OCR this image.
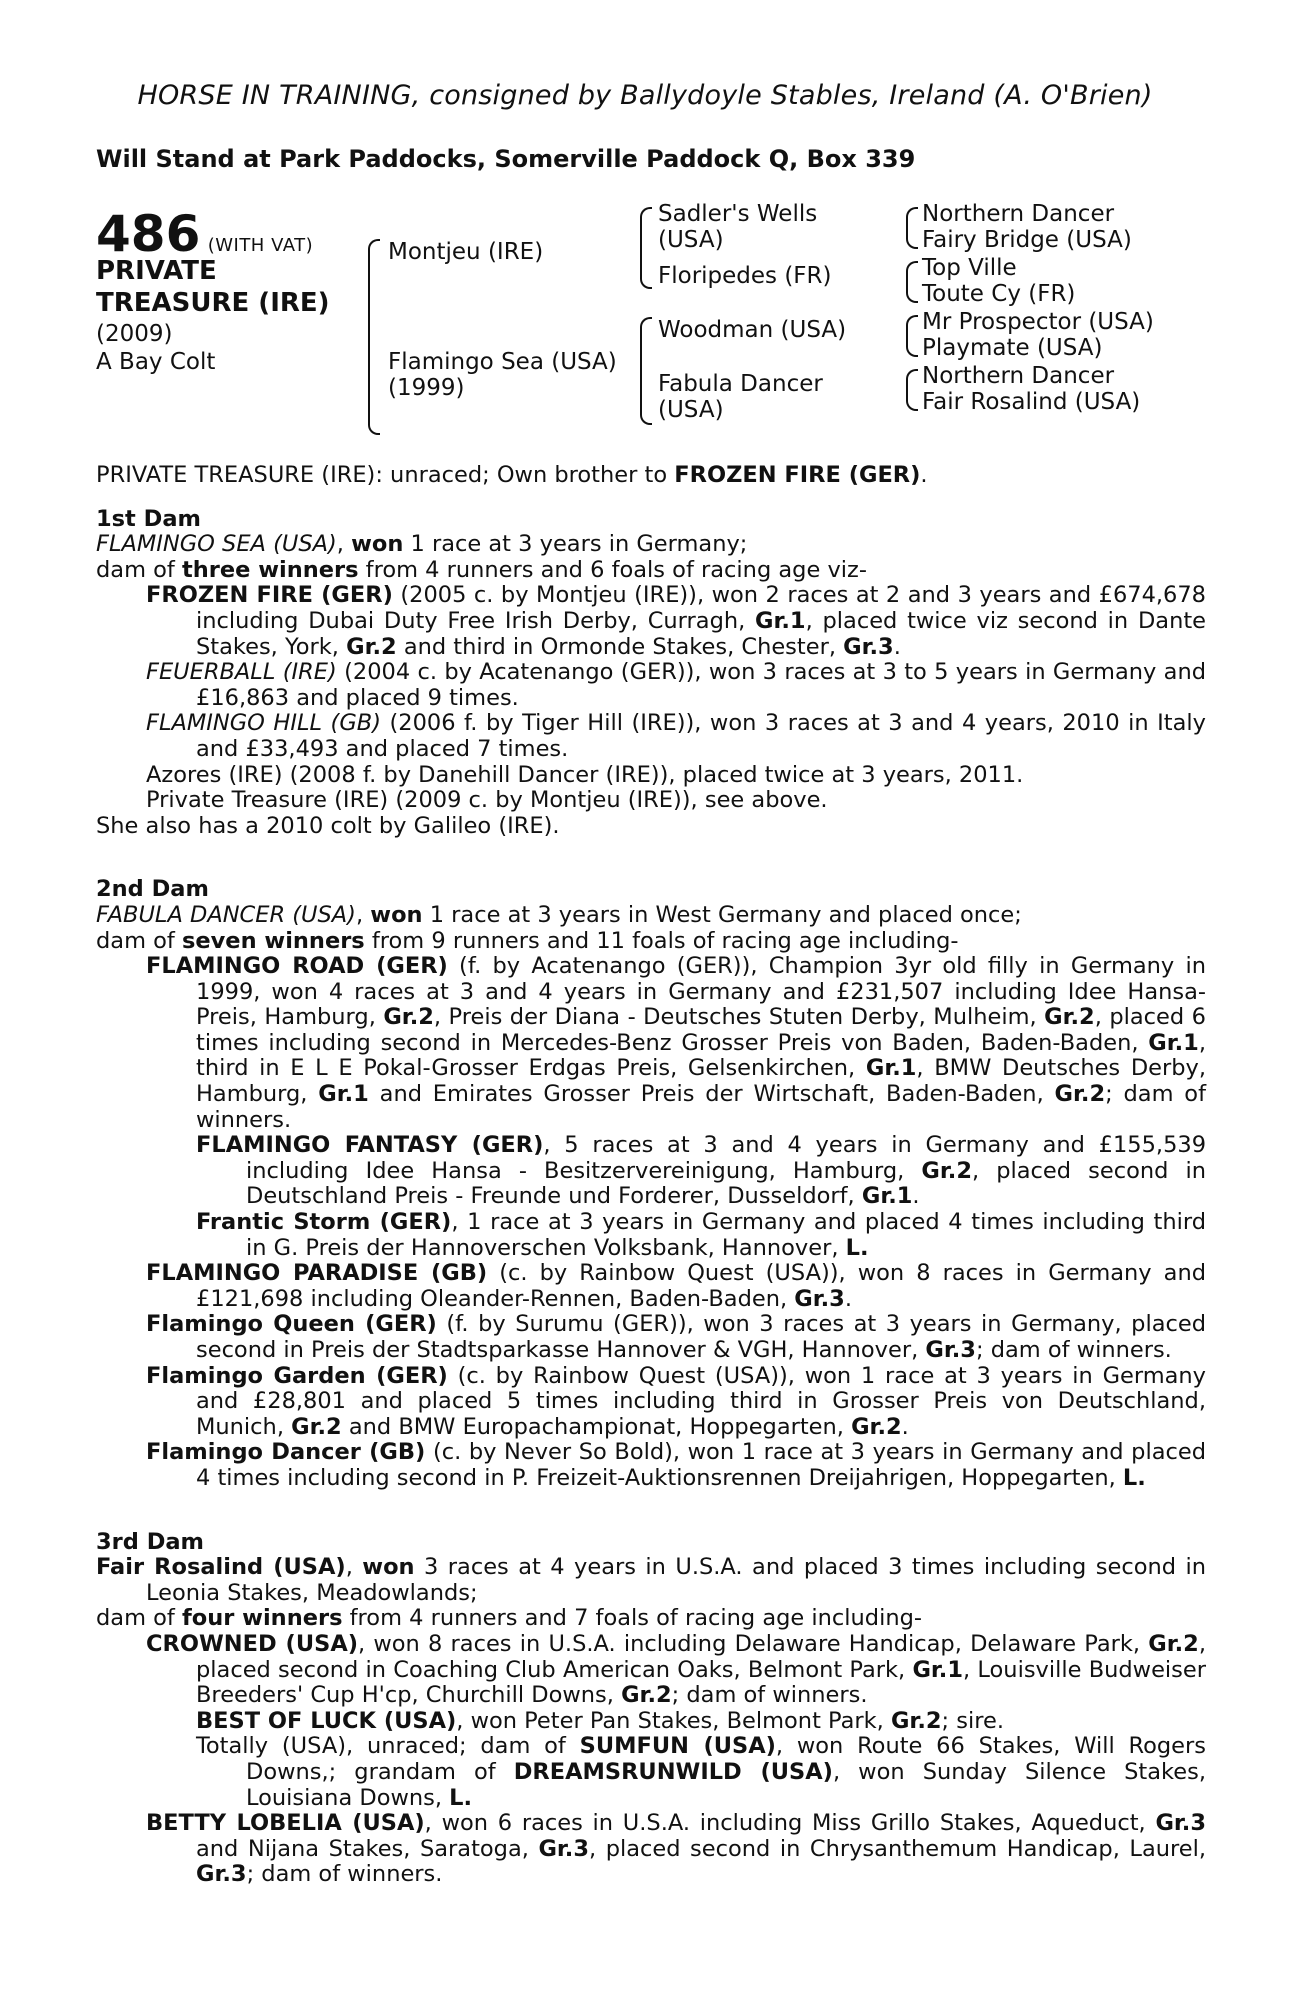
HORSE IN TRAINING, consigned by Ballydoyle Stables, Ireland (A. O'Brien)
Will Stand at Park Paddocks, Somerville Paddock Q, Box 339
486 (WITH VAT)
PRIVATE
TREASURE (IRE)
(2009)
A Bay Colt
Montjeu (IRE)
Flamingo Sea (USA)
(1999)
Sadler's Wells
(USA)
Floripedes (FR)
Woodman (USA)
Fabula Dancer
(USA)
Northern Dancer
Fairy Bridge (USA)
Top Ville
Toute Cy (FR)
Mr Prospector (USA)
Playmate (USA)
Northern Dancer
Fair Rosalind (USA)
PRIVATE TREASURE (IRE): unraced; Own brother to FROZEN FIRE (GER).
1st Dam

FLAMINGO SEA (USA), won 1 race at 3 years in Germany;

dam of three winners from 4 runners and 6 foals of racing age viz-

FROZEN FIRE (GER) (2005 c. by Montjeu (IRE)), won 2 races at 2 and 3 years and £674,678 including Dubai Duty Free Irish Derby, Curragh, Gr.1, placed twice viz second in Dante Stakes, York, Gr.2 and third in Ormonde Stakes, Chester, Gr.3.

FEUERBALL (IRE) (2004 c. by Acatenango (GER)), won 3 races at 3 to 5 years in Germany and £16,863 and placed 9 times.

FLAMINGO HILL (GB) (2006 f. by Tiger Hill (IRE)), won 3 races at 3 and 4 years, 2010 in Italy and £33,493 and placed 7 times.

Azores (IRE) (2008 f. by Danehill Dancer (IRE)), placed twice at 3 years, 2011.

Private Treasure (IRE) (2009 c. by Montjeu (IRE)), see above.

She also has a 2010 colt by Galileo (IRE).

2nd Dam

FABULA DANCER (USA), won 1 race at 3 years in West Germany and placed once;

dam of seven winners from 9 runners and 11 foals of racing age including-

FLAMINGO ROAD (GER) (f. by Acatenango (GER)), Champion 3yr old filly in Germany in 1999, won 4 races at 3 and 4 years in Germany and £231,507 including Idee Hansa-Preis, Hamburg, Gr.2, Preis der Diana - Deutsches Stuten Derby, Mulheim, Gr.2, placed 6 times including second in Mercedes-Benz Grosser Preis von Baden, Baden-Baden, Gr.1, third in E L E Pokal-Grosser Erdgas Preis, Gelsenkirchen, Gr.1, BMW Deutsches Derby, Hamburg, Gr.1 and Emirates Grosser Preis der Wirtschaft, Baden-Baden, Gr.2; dam of winners.

FLAMINGO FANTASY (GER), 5 races at 3 and 4 years in Germany and £155,539 including Idee Hansa - Besitzervereinigung, Hamburg, Gr.2, placed second in Deutschland Preis - Freunde und Forderer, Dusseldorf, Gr.1.

Frantic Storm (GER), 1 race at 3 years in Germany and placed 4 times including third in G. Preis der Hannoverschen Volksbank, Hannover, L.

FLAMINGO PARADISE (GB) (c. by Rainbow Quest (USA)), won 8 races in Germany and £121,698 including Oleander-Rennen, Baden-Baden, Gr.3.

Flamingo Queen (GER) (f. by Surumu (GER)), won 3 races at 3 years in Germany, placed second in Preis der Stadtsparkasse Hannover & VGH, Hannover, Gr.3; dam of winners.

Flamingo Garden (GER) (c. by Rainbow Quest (USA)), won 1 race at 3 years in Germany and £28,801 and placed 5 times including third in Grosser Preis von Deutschland, Munich, Gr.2 and BMW Europachampionat, Hoppegarten, Gr.2.

Flamingo Dancer (GB) (c. by Never So Bold), won 1 race at 3 years in Germany and placed 4 times including second in P. Freizeit-Auktionsrennen Dreijahrigen, Hoppegarten, L.

3rd Dam

Fair Rosalind (USA), won 3 races at 4 years in U.S.A. and placed 3 times including second in Leonia Stakes, Meadowlands;

dam of four winners from 4 runners and 7 foals of racing age including-

CROWNED (USA), won 8 races in U.S.A. including Delaware Handicap, Delaware Park, Gr.2, placed second in Coaching Club American Oaks, Belmont Park, Gr.1, Louisville Budweiser Breeders' Cup H'cp, Churchill Downs, Gr.2; dam of winners.

BEST OF LUCK (USA), won Peter Pan Stakes, Belmont Park, Gr.2; sire.

Totally (USA), unraced; dam of SUMFUN (USA), won Route 66 Stakes, Will Rogers Downs,; grandam of DREAMSRUNWILD (USA), won Sunday Silence Stakes, Louisiana Downs, L.

BETTY LOBELIA (USA), won 6 races in U.S.A. including Miss Grillo Stakes, Aqueduct, Gr.3 and Nijana Stakes, Saratoga, Gr.3, placed second in Chrysanthemum Handicap, Laurel, Gr.3; dam of winners.
